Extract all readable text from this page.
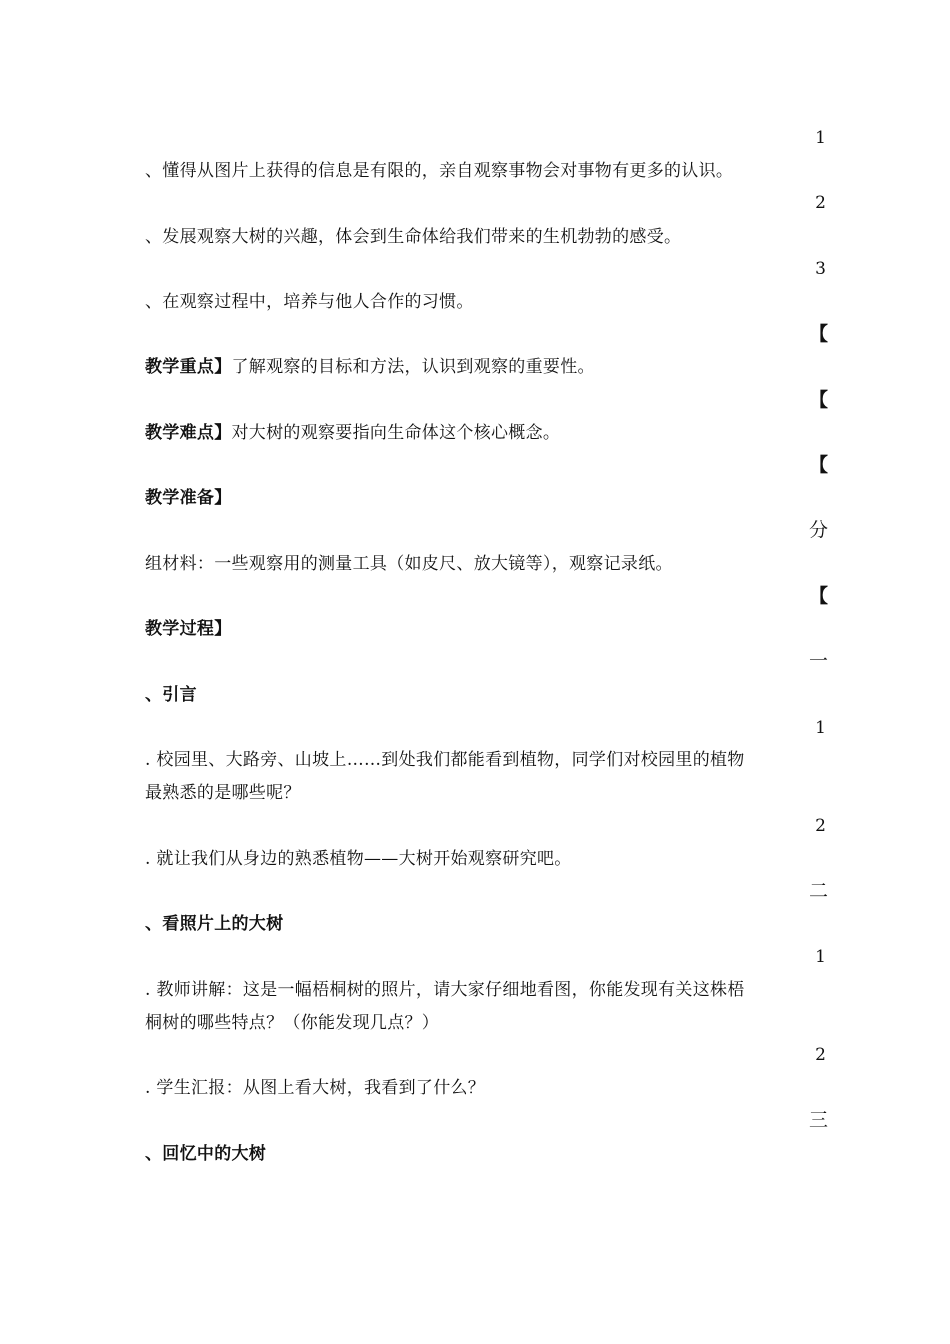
1
、懂得从图片上获得的信息是有限的，亲自观察事物会对事物有更多的认识。
2
、发展观察大树的兴趣，体会到生命体给我们带来的生机勃勃的感受。
3
、在观察过程中，培养与他人合作的习惯。
【
教学重点】了解观察的目标和方法，认识到观察的重要性。
【
教学难点】对大树的观察要指向生命体这个核心概念。
【
教学准备】
分
组材料：一些观察用的测量工具（如皮尺、放大镜等），观察记录纸。
【
教学过程】
一
、引言
1
. 校园里、大路旁、山坡上……到处我们都能看到植物，同学们对校园里的植物
最熟悉的是哪些呢？
2
. 就让我们从身边的熟悉植物——大树开始观察研究吧。
二
、看照片上的大树
1
. 教师讲解：这是一幅梧桐树的照片，请大家仔细地看图，你能发现有关这株梧
桐树的哪些特点？（你能发现几点？）
2
. 学生汇报：从图上看大树，我看到了什么？
三
、回忆中的大树
